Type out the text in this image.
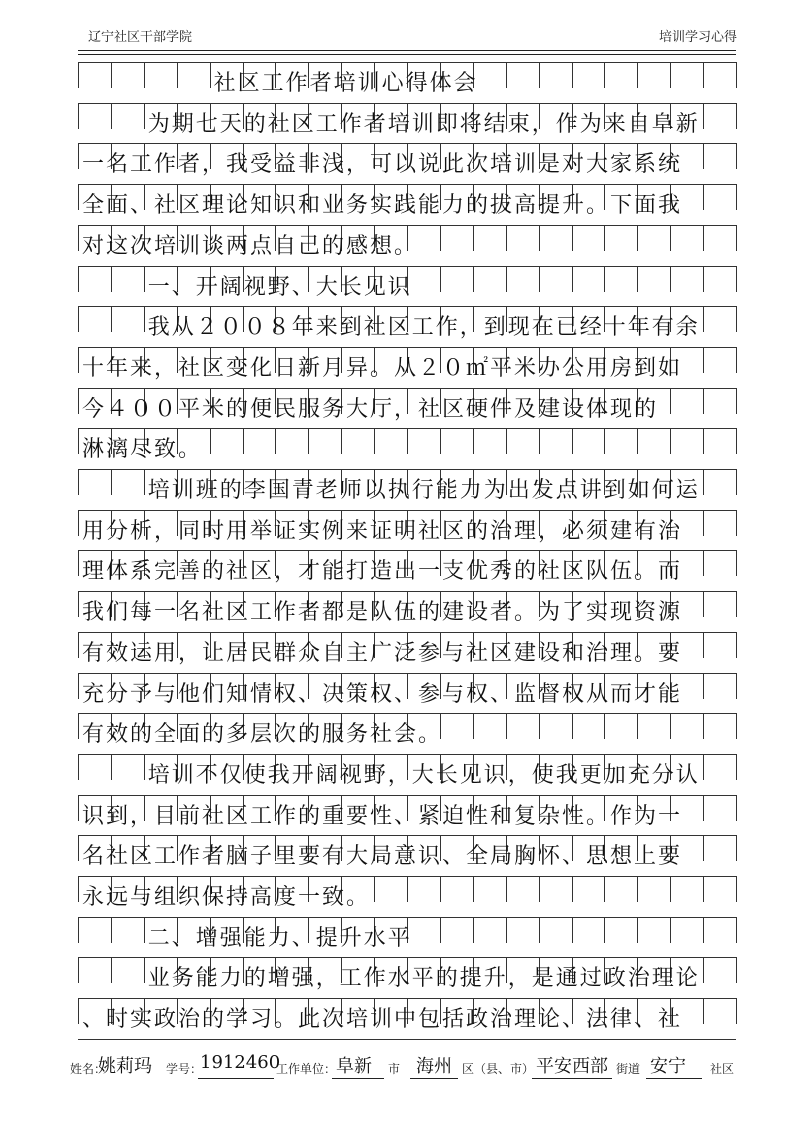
辽宁社区干部学院	培训学习心得
社区工作者培训心得体会
为期七天的社区工作者培训即将结束，作为来自阜新
一名工作者，我受益非浅，可以说此次培训是对大家系统
全面、社区理论知识和业务实践能力的拔高提升。下面我
对这次培训谈两点自己的感想。
一、开阔视野、大长见识
我从２００８年来到社区工作，到现在已经十年有余
十年来，社区变化日新月异。从２０㎡平米办公用房到如
今４００平米的便民服务大厅，社区硬件及建设体现的
淋漓尽致。
培训班的李国青老师以执行能力为出发点讲到如何运
用分析，同时用举证实例来证明社区的治理，必须建有治
理体系完善的社区，才能打造出一支优秀的社区队伍。而
我们每一名社区工作者都是队伍的建设者。为了实现资源
有效运用，让居民群众自主广泛参与社区建设和治理。要
充分予与他们知情权、决策权、参与权、监督权从而才能
有效的全面的多层次的服务社会。
培训不仅使我开阔视野，大长见识，使我更加充分认
识到，目前社区工作的重要性、紧迫性和复杂性。作为一
名社区工作者脑子里要有大局意识、全局胸怀、思想上要
永远与组织保持高度一致。
二、增强能力、提升水平
业务能力的增强，工作水平的提升，是通过政治理论
、时实政治的学习。此次培训中包括政治理论、法律、社
姓名：
姚莉玛 学号：
1912460
工作单位： 阜新 市 海州 区（县、市） 平安西部 街道 安宁 社区
